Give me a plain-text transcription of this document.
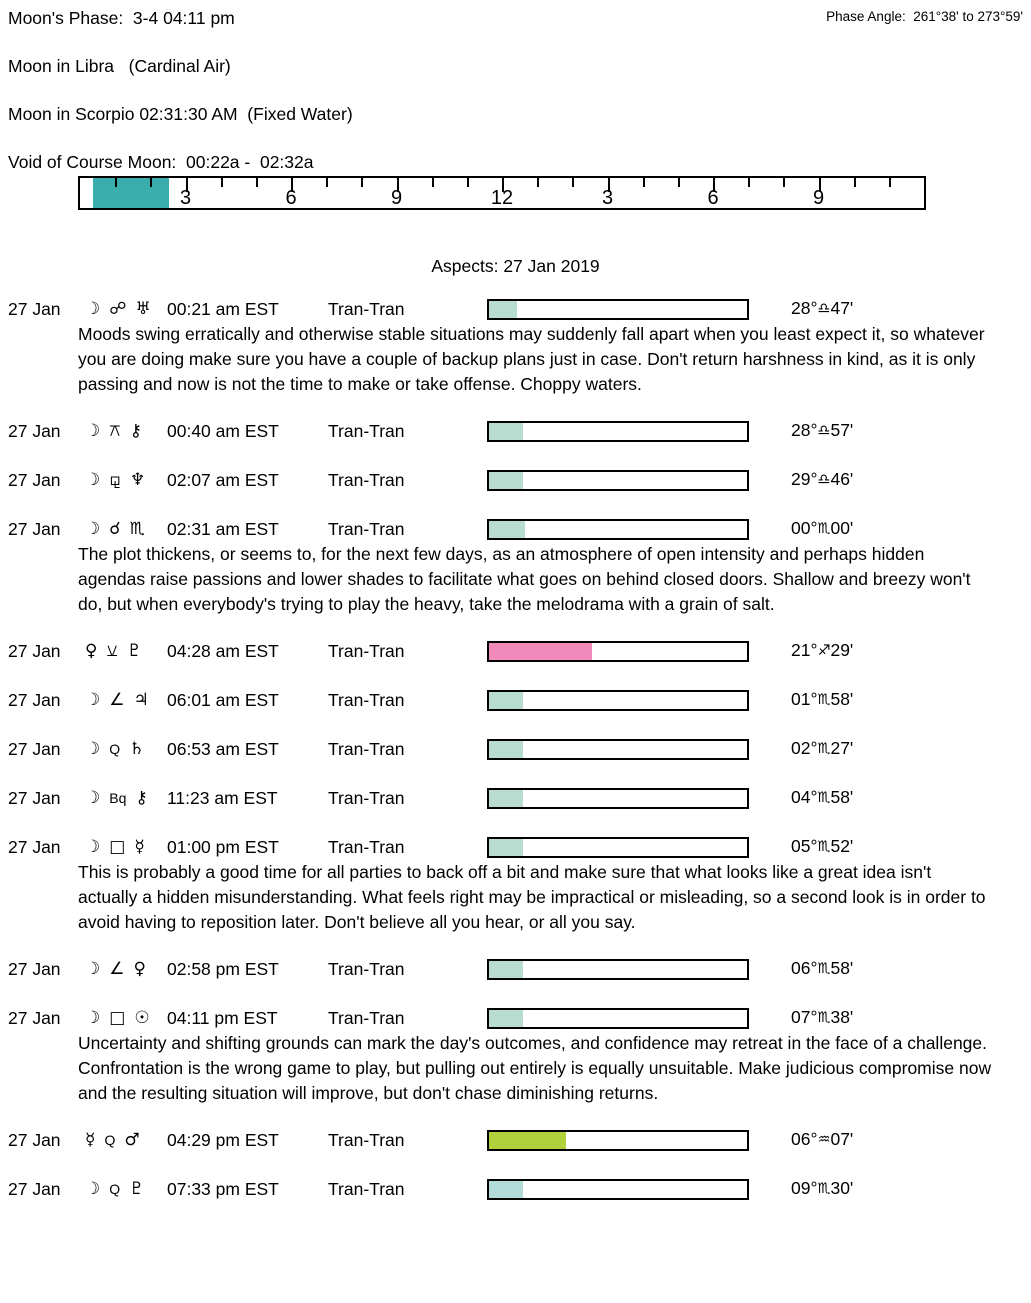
Moon's Phase:  3-4 04:11 pm	Phase Angle:  261°38' to 273°59'
Moon in Libra   (Cardinal Air)
Moon in Scorpio 02:31:30 AM  (Fixed Water)
Void of Course Moon:  00:22a -  02:32a
3	6	9	12	3	6	9
Aspects: 27 Jan 2019
27 Jan	☽ ☍ ♅ 00:21 am EST	Tran-Tran	28°♎47'
Moods swing erratically and otherwise stable situations may suddenly fall apart when you least expect it, so whatever you are doing make sure you have a couple of backup plans just in case. Don't return harshness in kind, as it is only passing and now is not the time to make or take offense. Choppy waters.
27 Jan	☽ ⚻ ⚷ 00:40 am EST	Tran-Tran	28°♎57'
27 Jan	☽ ⚼ ♆ 02:07 am EST	Tran-Tran	29°♎46'
27 Jan	☽ ☌ ♏ 02:31 am EST	Tran-Tran	00°♏00'
The plot thickens, or seems to, for the next few days, as an atmosphere of open intensity and perhaps hidden agendas raise passions and lower shades to facilitate what goes on behind closed doors. Shallow and breezy won't do, but when everybody's trying to play the heavy, take the melodrama with a grain of salt.
27 Jan	♀ ⚺ ♇ 04:28 am EST	Tran-Tran	21°♐29'
27 Jan	☽ ∠ ♃ 06:01 am EST	Tran-Tran	01°♏58'
27 Jan	☽ Q ♄ 06:53 am EST	Tran-Tran	02°♏27'
27 Jan	☽ Bq ⚷ 11:23 am EST	Tran-Tran	04°♏58'
27 Jan	☽ □ ☿ 01:00 pm EST	Tran-Tran	05°♏52'
This is probably a good time for all parties to back off a bit and make sure that what looks like a great idea isn't actually a hidden misunderstanding. What feels right may be impractical or misleading, so a second look is in order to avoid having to reposition later. Don't believe all you hear, or all you say.
27 Jan	☽ ∠ ♀ 02:58 pm EST	Tran-Tran	06°♏58'
27 Jan	☽ □ ☉ 04:11 pm EST	Tran-Tran	07°♏38'
Uncertainty and shifting grounds can mark the day's outcomes, and confidence may retreat in the face of a challenge. Confrontation is the wrong game to play, but pulling out entirely is equally unsuitable. Make judicious compromise now and the resulting situation will improve, but don't chase diminishing returns.
27 Jan	☿ Q ♂ 04:29 pm EST	Tran-Tran	06°♒07'
27 Jan	☽ Q ♇ 07:33 pm EST	Tran-Tran	09°♏30'
